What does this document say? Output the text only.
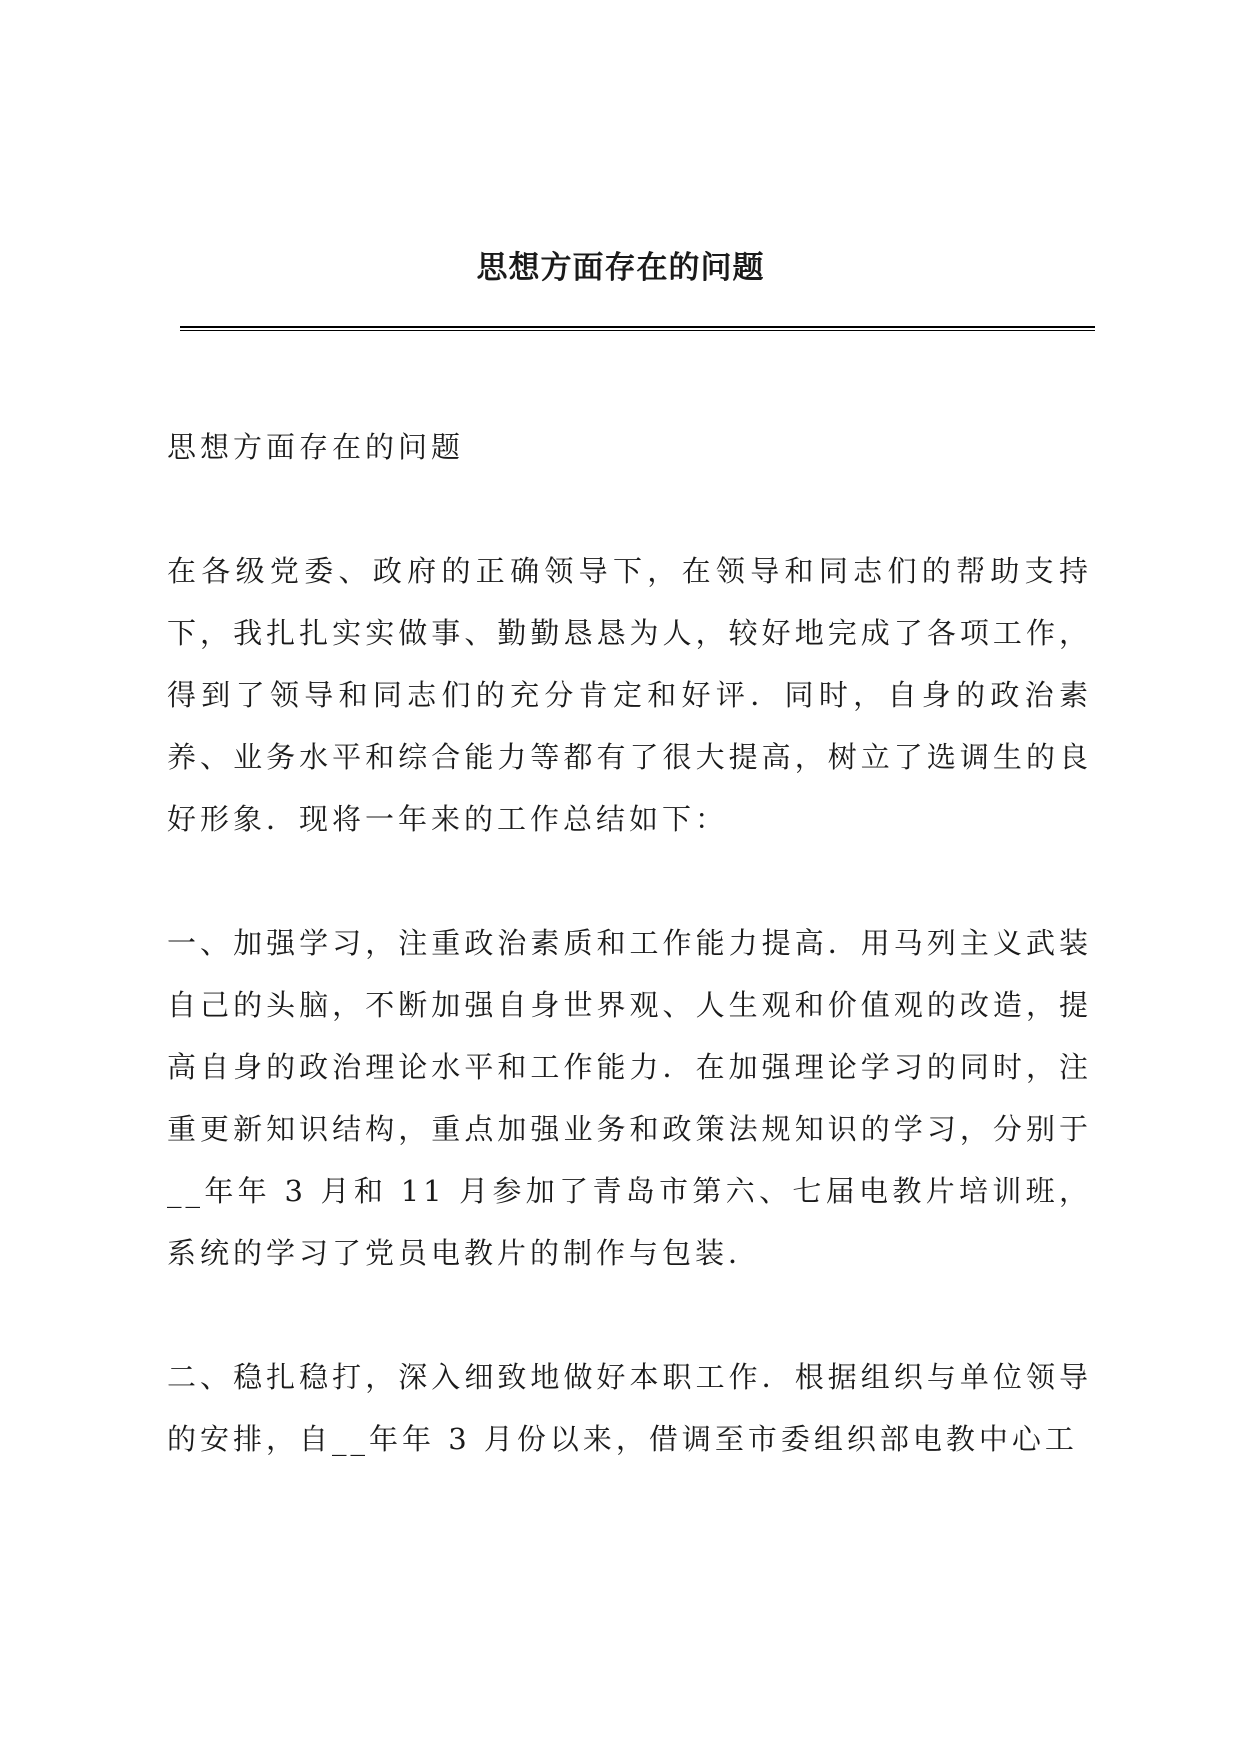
思想方面存在的问题

思想方面存在的问题

在各级党委、政府的正确领导下，在领导和同志们的帮助支持下，我扎扎实实做事、勤勤恳恳为人，较好地完成了各项工作，得到了领导和同志们的充分肯定和好评．同时，自身的政治素养、业务水平和综合能力等都有了很大提高，树立了选调生的良好形象．现将一年来的工作总结如下：

一、加强学习，注重政治素质和工作能力提高．用马列主义武装自己的头脑，不断加强自身世界观、人生观和价值观的改造，提高自身的政治理论水平和工作能力．在加强理论学习的同时，注重更新知识结构，重点加强业务和政策法规知识的学习，分别于__年年 3 月和 11 月参加了青岛市第六、七届电教片培训班，系统的学习了党员电教片的制作与包装．

二、稳扎稳打，深入细致地做好本职工作．根据组织与单位领导的安排，自__年年 3 月份以来，借调至市委组织部电教中心工
